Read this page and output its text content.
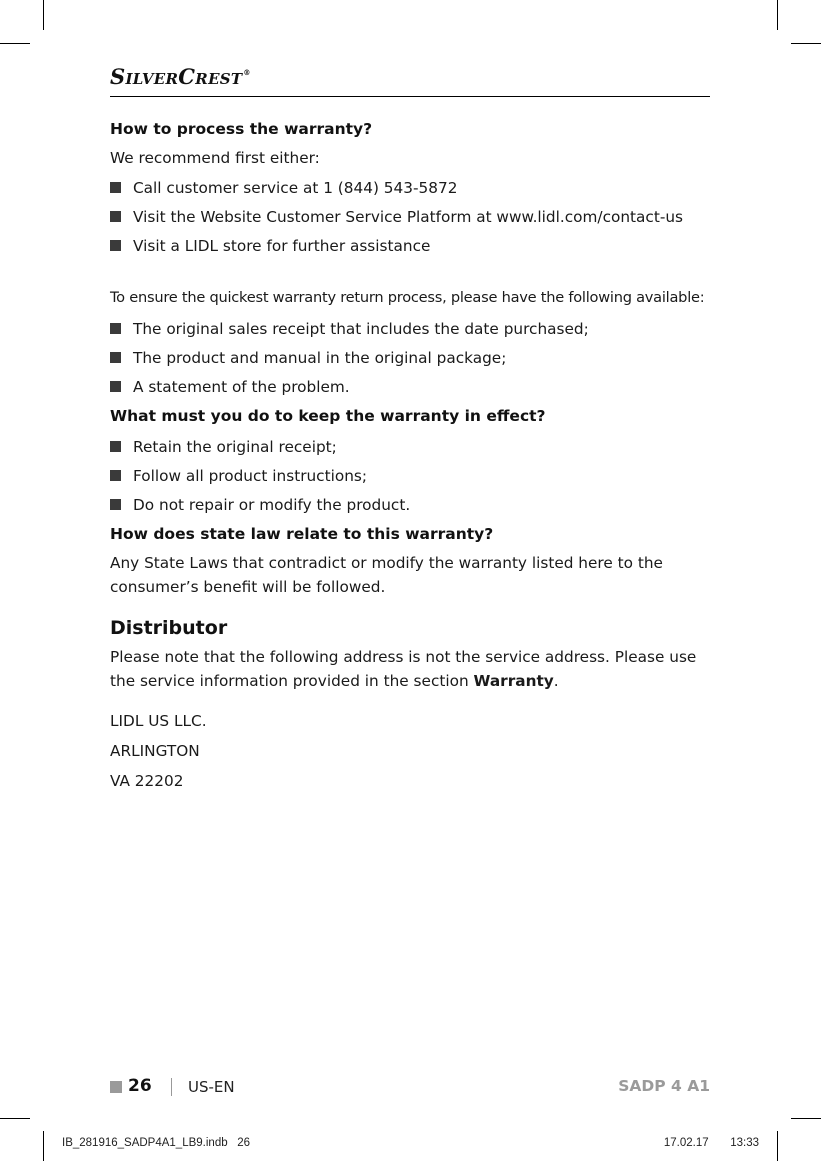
SilverCrest®
How to process the warranty?

We recommend first either:

Call customer service at 1 (844) 543-5872
Visit the Website Customer Service Platform at www.lidl.com/contact-us
Visit a LIDL store for further assistance

To ensure the quickest warranty return process, please have the following available:

The original sales receipt that includes the date purchased;
The product and manual in the original package;
A statement of the problem.
What must you do to keep the warranty in effect?
Retain the original receipt;
Follow all product instructions;
Do not repair or modify the product.
How does state law relate to this warranty?

Any State Laws that contradict or modify the warranty listed here to the consumer’s benefit will be followed.

Distributor

Please note that the following address is not the service address. Please use the service information provided in the section Warranty.

LIDL US LLC.

ARLINGTON

VA 22202

26 US-EN	SADP 4 A1
IB_281916_SADP4A1_LB9.indb   26	17.02.17   13:33
